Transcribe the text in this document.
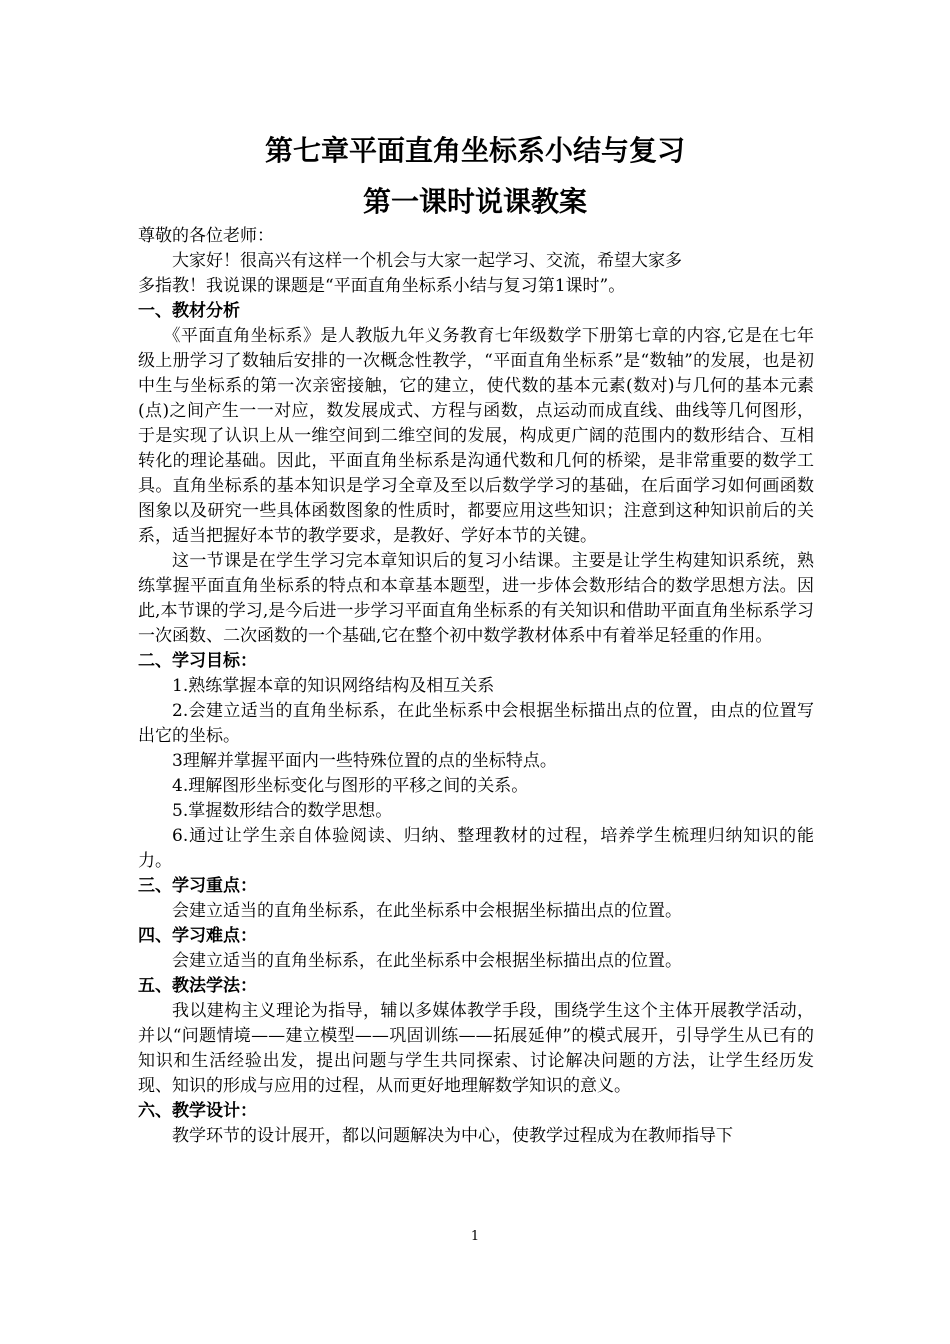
第七章平面直角坐标系小结与复习
第一课时说课教案

尊敬的各位老师：

大家好！很高兴有这样一个机会与大家一起学习、交流，希望大家多

多指教！我说课的课题是“平面直角坐标系小结与复习第1课时”。

一、教材分析

《平面直角坐标系》是人教版九年义务教育七年级数学下册第七章的内容,它是在七年级上册学习了数轴后安排的一次概念性教学，“平面直角坐标系”是“数轴”的发展，也是初中生与坐标系的第一次亲密接触，它的建立，使代数的基本元素(数对)与几何的基本元素(点)之间产生一一对应，数发展成式、方程与函数，点运动而成直线、曲线等几何图形，于是实现了认识上从一维空间到二维空间的发展，构成更广阔的范围内的数形结合、互相转化的理论基础。因此，平面直角坐标系是沟通代数和几何的桥梁，是非常重要的数学工具。直角坐标系的基本知识是学习全章及至以后数学学习的基础，在后面学习如何画函数图象以及研究一些具体函数图象的性质时，都要应用这些知识；注意到这种知识前后的关系，适当把握好本节的教学要求，是教好、学好本节的关键。

这一节课是在学生学习完本章知识后的复习小结课。主要是让学生构建知识系统，熟练掌握平面直角坐标系的特点和本章基本题型，进一步体会数形结合的数学思想方法。因此,本节课的学习,是今后进一步学习平面直角坐标系的有关知识和借助平面直角坐标系学习一次函数、二次函数的一个基础,它在整个初中数学教材体系中有着举足轻重的作用。

二、学习目标：

1.熟练掌握本章的知识网络结构及相互关系

2.会建立适当的直角坐标系，在此坐标系中会根据坐标描出点的位置，由点的位置写出它的坐标。

3理解并掌握平面内一些特殊位置的点的坐标特点。

4.理解图形坐标变化与图形的平移之间的关系。

5.掌握数形结合的数学思想。

6.通过让学生亲自体验阅读、归纳、整理教材的过程，培养学生梳理归纳知识的能力。

三、学习重点：

会建立适当的直角坐标系，在此坐标系中会根据坐标描出点的位置。

四、学习难点：

会建立适当的直角坐标系，在此坐标系中会根据坐标描出点的位置。

五、教法学法：

我以建构主义理论为指导，辅以多媒体教学手段，围绕学生这个主体开展教学活动，并以“问题情境——建立模型——巩固训练——拓展延伸”的模式展开，引导学生从已有的知识和生活经验出发，提出问题与学生共同探索、讨论解决问题的方法，让学生经历发现、知识的形成与应用的过程，从而更好地理解数学知识的意义。

六、教学设计：

教学环节的设计展开，都以问题解决为中心，使教学过程成为在教师指导下

1
